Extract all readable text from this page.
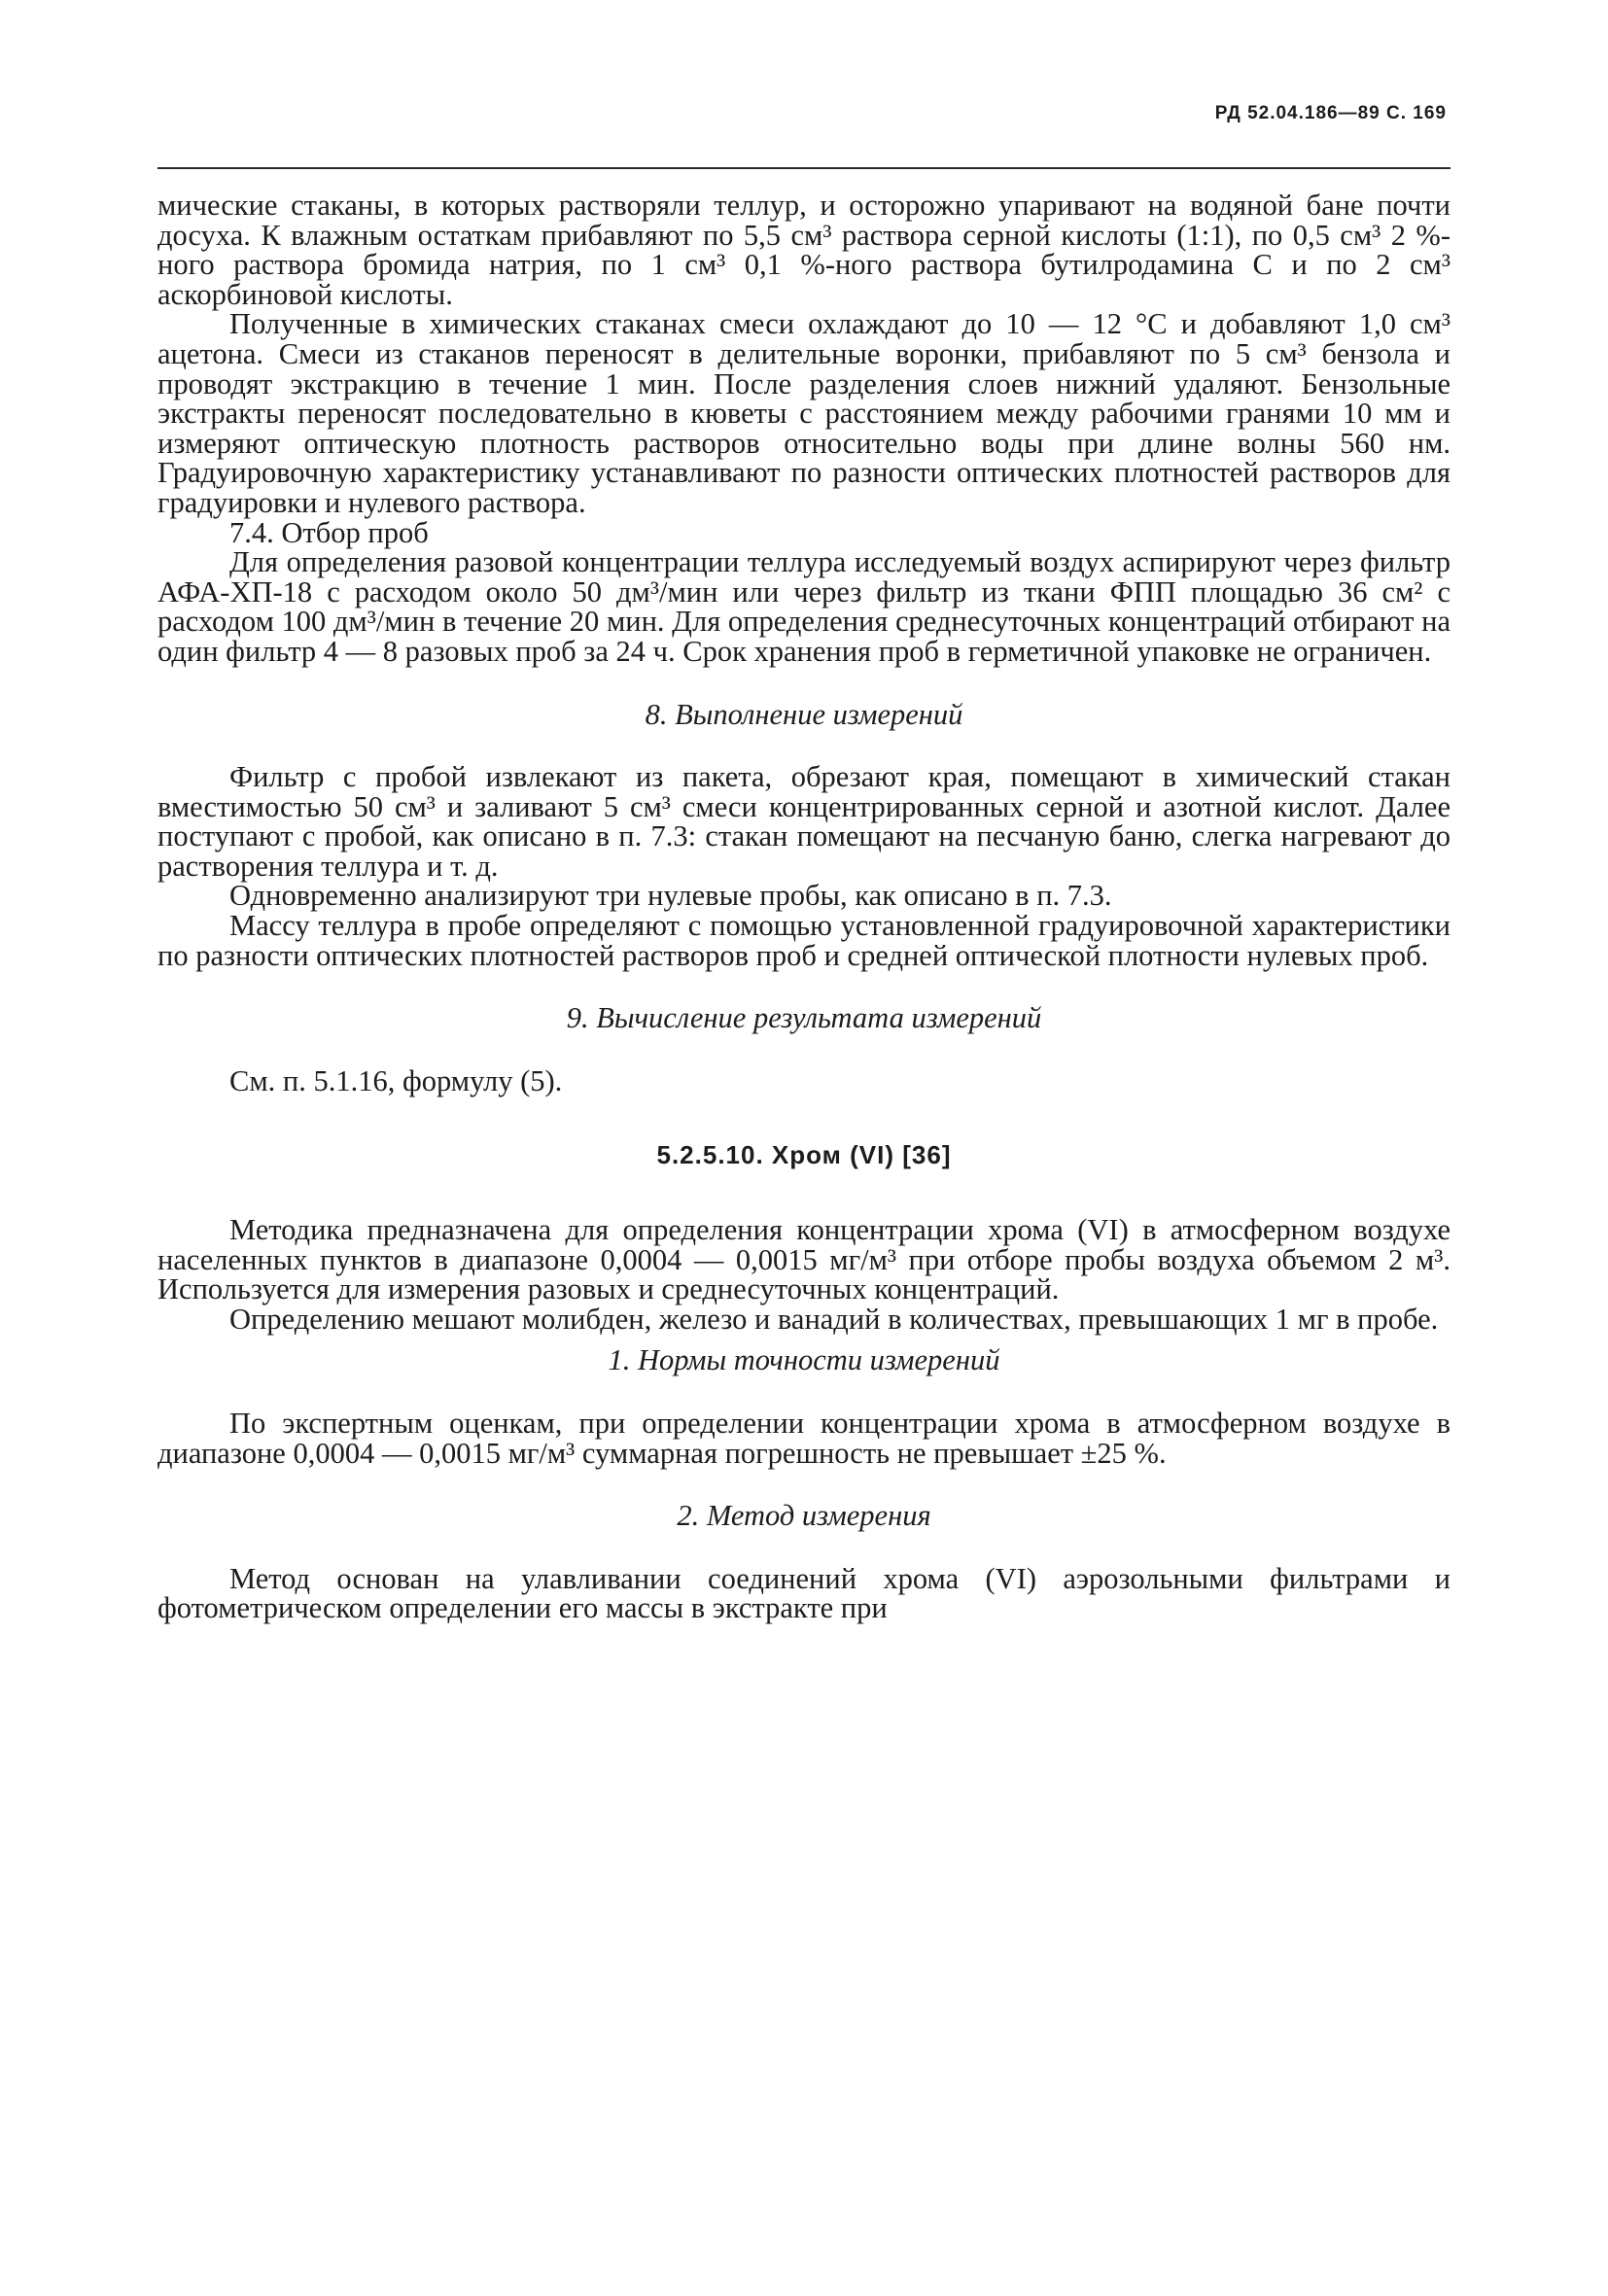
РД 52.04.186—89 С. 169

мические стаканы, в которых растворяли теллур, и осторожно упаривают на водяной бане почти досуха. К влажным остаткам прибавляют по 5,5 см³ раствора серной кислоты (1:1), по 0,5 см³ 2 %-ного раствора бромида натрия, по 1 см³ 0,1 %-ного раствора бутилродамина С и по 2 см³ аскорбиновой кислоты.

Полученные в химических стаканах смеси охлаждают до 10 — 12 °С и добавляют 1,0 см³ ацетона. Смеси из стаканов переносят в делительные воронки, прибавляют по 5 см³ бензола и проводят экстракцию в течение 1 мин. После разделения слоев нижний удаляют. Бензольные экстракты переносят последовательно в кюветы с расстоянием между рабочими гранями 10 мм и измеряют оптическую плотность растворов относительно воды при длине волны 560 нм. Градуировочную характеристику устанавливают по разности оптических плотностей растворов для градуировки и нулевого раствора.

7.4. Отбор проб

Для определения разовой концентрации теллура исследуемый воздух аспирируют через фильтр АФА-ХП-18 с расходом около 50 дм³/мин или через фильтр из ткани ФПП площадью 36 см² с расходом 100 дм³/мин в течение 20 мин. Для определения среднесуточных концентраций отбирают на один фильтр 4 — 8 разовых проб за 24 ч. Срок хранения проб в герметичной упаковке не ограничен.

8. Выполнение измерений

Фильтр с пробой извлекают из пакета, обрезают края, помещают в химический стакан вместимостью 50 см³ и заливают 5 см³ смеси концентрированных серной и азотной кислот. Далее поступают с пробой, как описано в п. 7.3: стакан помещают на песчаную баню, слегка нагревают до растворения теллура и т. д.

Одновременно анализируют три нулевые пробы, как описано в п. 7.3.

Массу теллура в пробе определяют с помощью установленной градуировочной характеристики по разности оптических плотностей растворов проб и средней оптической плотности нулевых проб.

9. Вычисление результата измерений

См. п. 5.1.16, формулу (5).

5.2.5.10. Хром (VI) [36]

Методика предназначена для определения концентрации хрома (VI) в атмосферном воздухе населенных пунктов в диапазоне 0,0004 — 0,0015 мг/м³ при отборе пробы воздуха объемом 2 м³. Используется для измерения разовых и среднесуточных концентраций.

Определению мешают молибден, железо и ванадий в количествах, превышающих 1 мг в пробе.

1. Нормы точности измерений

По экспертным оценкам, при определении концентрации хрома в атмосферном воздухе в диапазоне 0,0004 — 0,0015 мг/м³ суммарная погрешность не превышает ±25 %.

2. Метод измерения

Метод основан на улавливании соединений хрома (VI) аэрозольными фильтрами и фотометрическом определении его массы в экстракте при
